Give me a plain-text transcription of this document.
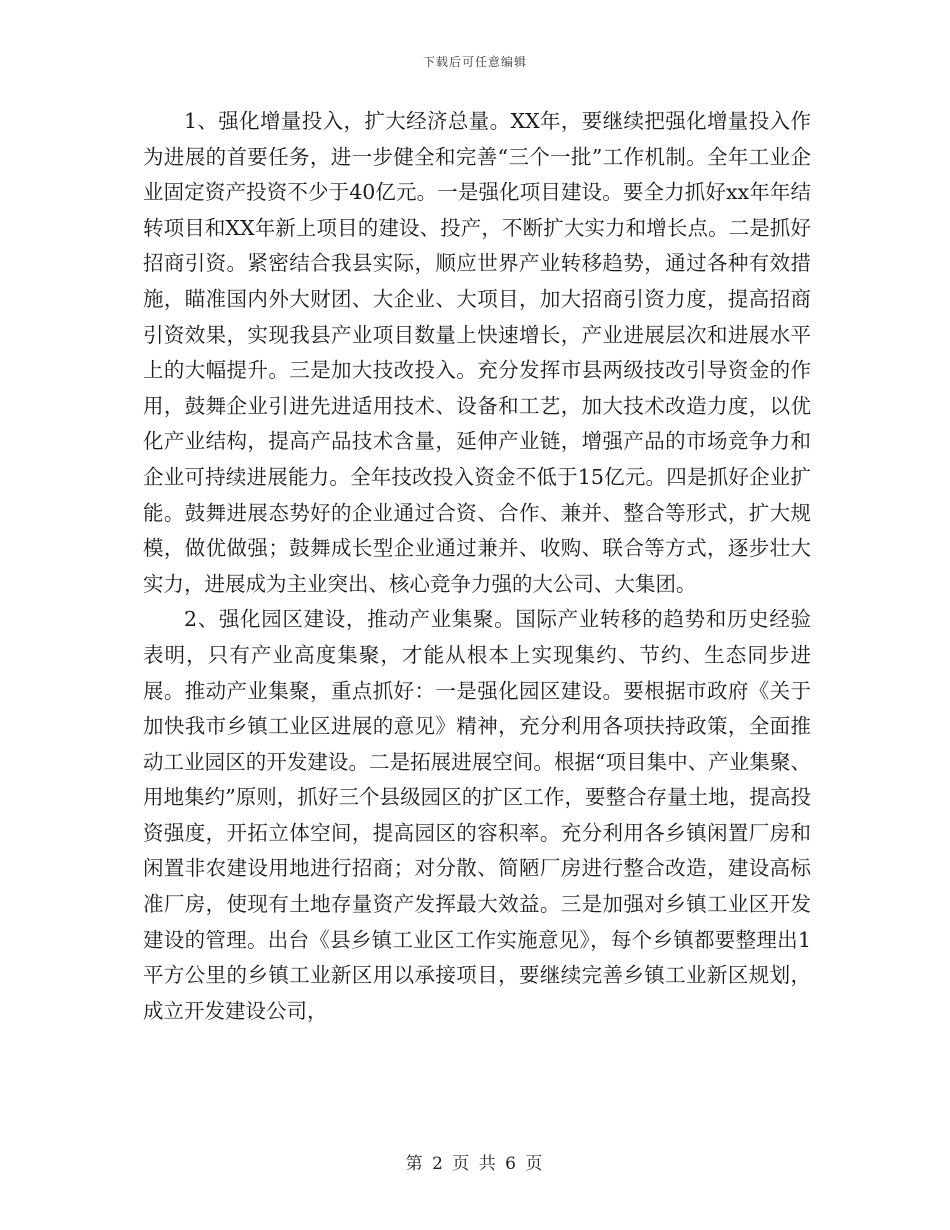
下载后可任意编辑

1、强化增量投入，扩大经济总量。XX年，要继续把强化增量投入作为进展的首要任务，进一步健全和完善“三个一批”工作机制。全年工业企业固定资产投资不少于40亿元。一是强化项目建设。要全力抓好xx年年结转项目和XX年新上项目的建设、投产，不断扩大实力和增长点。二是抓好招商引资。紧密结合我县实际，顺应世界产业转移趋势，通过各种有效措施，瞄准国内外大财团、大企业、大项目，加大招商引资力度，提高招商引资效果，实现我县产业项目数量上快速增长，产业进展层次和进展水平上的大幅提升。三是加大技改投入。充分发挥市县两级技改引导资金的作用，鼓舞企业引进先进适用技术、设备和工艺，加大技术改造力度，以优化产业结构，提高产品技术含量，延伸产业链，增强产品的市场竞争力和企业可持续进展能力。全年技改投入资金不低于15亿元。四是抓好企业扩能。鼓舞进展态势好的企业通过合资、合作、兼并、整合等形式，扩大规模，做优做强；鼓舞成长型企业通过兼并、收购、联合等方式，逐步壮大实力，进展成为主业突出、核心竞争力强的大公司、大集团。

2、强化园区建设，推动产业集聚。国际产业转移的趋势和历史经验表明，只有产业高度集聚，才能从根本上实现集约、节约、生态同步进展。推动产业集聚，重点抓好：一是强化园区建设。要根据市政府《关于加快我市乡镇工业区进展的意见》精神，充分利用各项扶持政策，全面推动工业园区的开发建设。二是拓展进展空间。根据“项目集中、产业集聚、用地集约”原则，抓好三个县级园区的扩区工作，要整合存量土地，提高投资强度，开拓立体空间，提高园区的容积率。充分利用各乡镇闲置厂房和闲置非农建设用地进行招商；对分散、简陋厂房进行整合改造，建设高标准厂房，使现有土地存量资产发挥最大效益。三是加强对乡镇工业区开发建设的管理。出台《县乡镇工业区工作实施意见》，每个乡镇都要整理出1平方公里的乡镇工业新区用以承接项目，要继续完善乡镇工业新区规划，成立开发建设公司，

第 2 页 共 6 页
